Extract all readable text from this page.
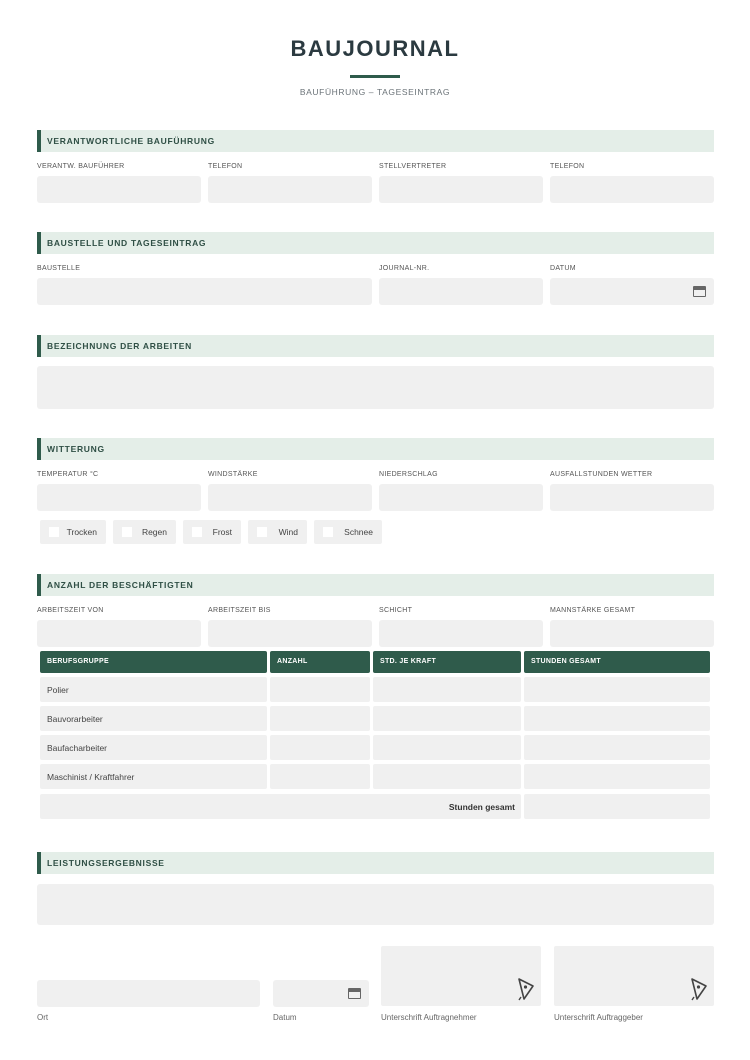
BAUJOURNAL
BAUFÜHRUNG – TAGESEINTRAG
VERANTWORTLICHE BAUFÜHRUNG
VERANTW. BAUFÜHRER	TELEFON	STELLVERTRETER	TELEFON
BAUSTELLE UND TAGESEINTRAG
BAUSTELLE	JOURNAL-NR.	DATUM
BEZEICHNUNG DER ARBEITEN
WITTERUNG
TEMPERATUR °C	WINDSTÄRKE	NIEDERSCHLAG	AUSFALLSTUNDEN WETTER
Trocken	Regen	Frost	Wind	Schnee
ANZAHL DER BESCHÄFTIGTEN
ARBEITSZEIT VON	ARBEITSZEIT BIS	SCHICHT	MANNSTÄRKE GESAMT
BERUFSGRUPPE	ANZAHL	STD. JE KRAFT	STUNDEN GESAMT
Polier
Bauvorarbeiter
Baufacharbeiter
Maschinist / Kraftfahrer
Stunden gesamt
LEISTUNGSERGEBNISSE
Ort	Datum	Unterschrift Auftragnehmer	Unterschrift Auftraggeber
